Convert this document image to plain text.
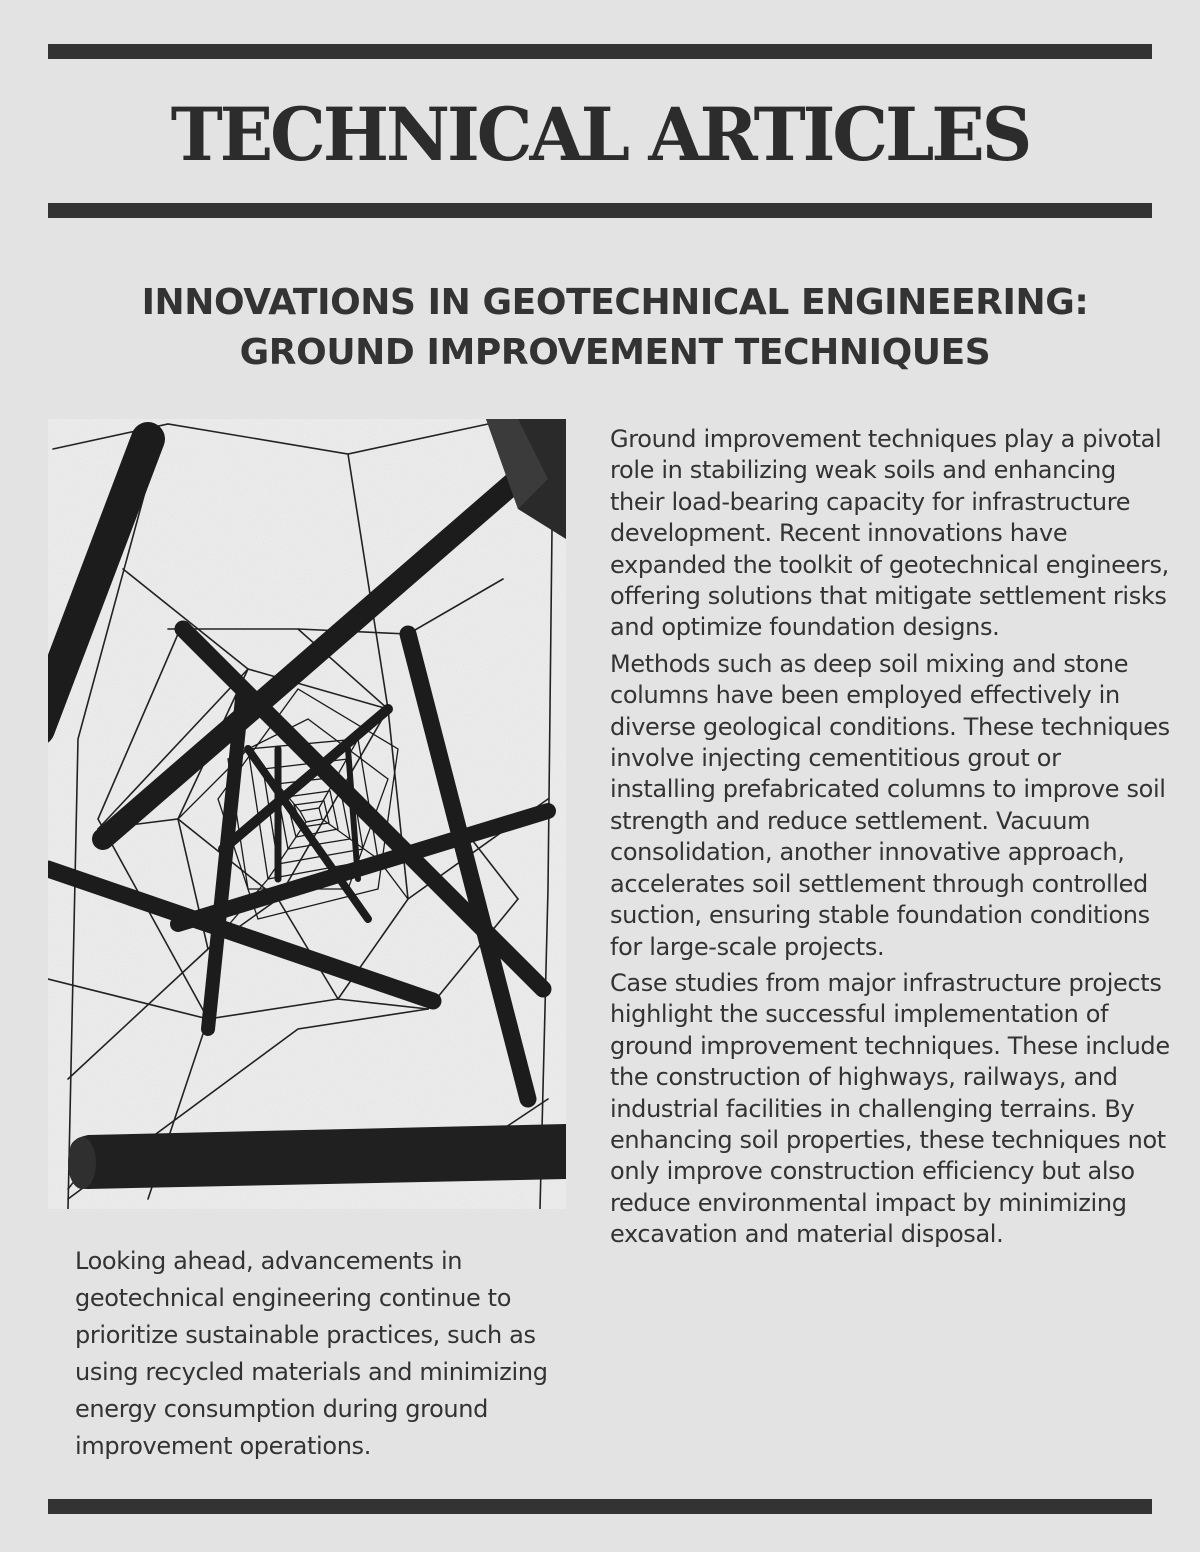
TECHNICAL ARTICLES
INNOVATIONS IN GEOTECHNICAL ENGINEERING:
GROUND IMPROVEMENT TECHNIQUES

Ground improvement techniques play a pivotal role in stabilizing weak soils and enhancing their load-bearing capacity for infrastructure development. Recent innovations have expanded the toolkit of geotechnical engineers, offering solutions that mitigate settlement risks and optimize foundation designs.

Methods such as deep soil mixing and stone columns have been employed effectively in diverse geological conditions. These techniques involve injecting cementitious grout or installing prefabricated columns to improve soil strength and reduce settlement. Vacuum consolidation, another innovative approach, accelerates soil settlement through controlled suction, ensuring stable foundation conditions for large-scale projects.

Case studies from major infrastructure projects highlight the successful implementation of ground improvement techniques. These include the construction of highways, railways, and industrial facilities in challenging terrains. By enhancing soil properties, these techniques not only improve construction efficiency but also reduce environmental impact by minimizing excavation and material disposal.

Looking ahead, advancements in geotechnical engineering continue to prioritize sustainable practices, such as using recycled materials and minimizing energy consumption during ground improvement operations.
